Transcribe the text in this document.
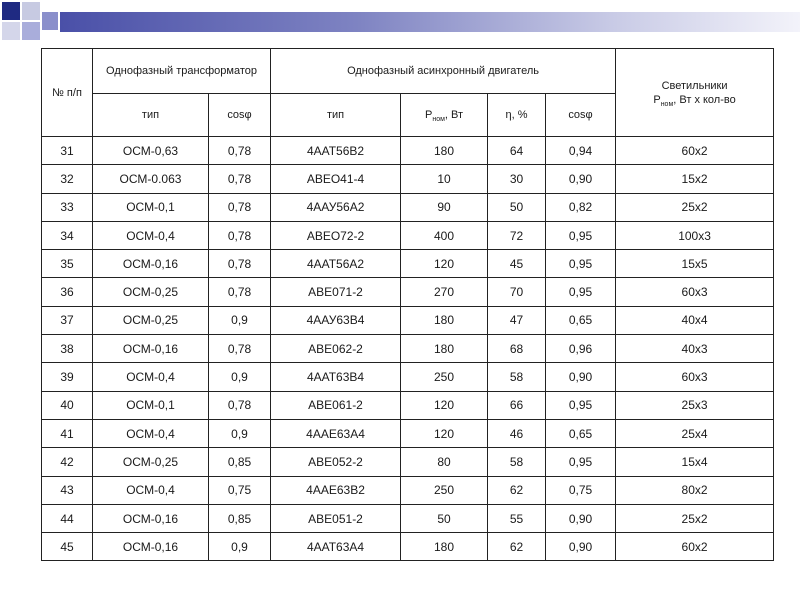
№ п/п	Однофазный трансформатор		Однофазный асинхронный двигатель				Светильники
$Р_{ном}$, Вт х кол-во
	тип	cosφ	тип	$Р_{ном}$, Вт	η, %	cosφ	
31	ОСМ-0,63	0,78	4ААТ56В2	180	64	0,94	60х2
32	ОСМ-0.063	0,78	АВЕО41-4	10	30	0,90	15х2
33	ОСМ-0,1	0,78	4ААУ56А2	90	50	0,82	25х2
34	ОСМ-0,4	0,78	АВЕО72-2	400	72	0,95	100х3
35	ОСМ-0,16	0,78	4ААТ56А2	120	45	0,95	15х5
36	ОСМ-0,25	0,78	АВЕ071-2	270	70	0,95	60х3
37	ОСМ-0,25	0,9	4ААУ63В4	180	47	0,65	40х4
38	ОСМ-0,16	0,78	АВЕ062-2	180	68	0,96	40х3
39	ОСМ-0,4	0,9	4ААТ63В4	250	58	0,90	60х3
40	ОСМ-0,1	0,78	АВЕ061-2	120	66	0,95	25х3
41	ОСМ-0,4	0,9	4ААЕ63А4	120	46	0,65	25х4
42	ОСМ-0,25	0,85	АВЕ052-2	80	58	0,95	15х4
43	ОСМ-0,4	0,75	4ААЕ63В2	250	62	0,75	80х2
44	ОСМ-0,16	0,85	АВЕ051-2	50	55	0,90	25х2
45	ОСМ-0,16	0,9	4ААТ63А4	180	62	0,90	60х2
